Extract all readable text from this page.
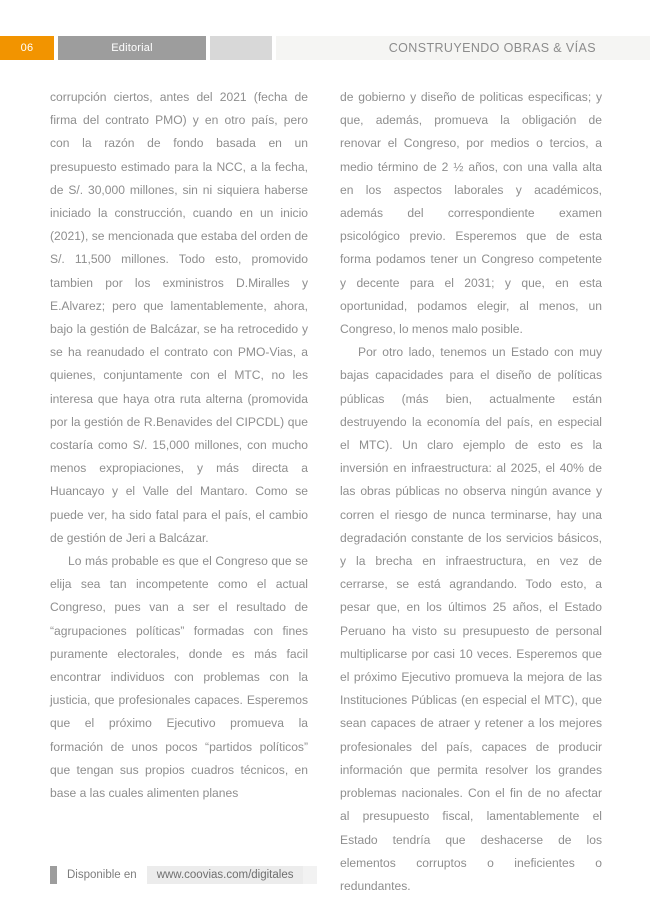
06	Editorial	CONSTRUYENDO OBRAS & VÍAS

corrupción ciertos, antes del 2021 (fecha de firma del contrato PMO) y en otro país, pero con la razón de fondo basada en un presupuesto estimado para la NCC, a la fecha, de S/. 30,000 millones, sin ni siquiera haberse iniciado la construcción, cuando en un inicio (2021), se mencionada que estaba del orden de S/. 11,500 millones. Todo esto, promovido tambien por los exministros D.Miralles y E.Alvarez; pero que lamentablemente, ahora, bajo la gestión de Balcázar, se ha retrocedido y se ha reanudado el contrato con PMO-Vias, a quienes, conjuntamente con el MTC, no les interesa que haya otra ruta alterna (promovida por la gestión de R.Benavides del CIPCDL) que costaría como S/. 15,000 millones, con mucho menos expropiaciones, y más directa a Huancayo y el Valle del Mantaro. Como se puede ver, ha sido fatal para el país, el cambio de gestión de Jeri a Balcázar.

Lo más probable es que el Congreso que se elija sea tan incompetente como el actual Congreso, pues van a ser el resultado de “agrupaciones políticas” formadas con fines puramente electorales, donde es más facil encontrar individuos con problemas con la justicia, que profesionales capaces. Esperemos que el próximo Ejecutivo promueva la formación de unos pocos “partidos políticos” que tengan sus propios cuadros técnicos, en base a las cuales alimenten planes

de gobierno y diseño de politicas especificas; y que, además, promueva la obligación de renovar el Congreso, por medios o tercios, a medio término de 2 ½ años, con una valla alta en los aspectos laborales y académicos, además del correspondiente examen psicológico previo. Esperemos que de esta forma podamos tener un Congreso competente y decente para el 2031; y que, en esta oportunidad, podamos elegir, al menos, un Congreso, lo menos malo posible.

Por otro lado, tenemos un Estado con muy bajas capacidades para el diseño de políticas públicas (más bien, actualmente están destruyendo la economía del país, en especial el MTC). Un claro ejemplo de esto es la inversión en infraestructura: al 2025, el 40% de las obras públicas no observa ningún avance y corren el riesgo de nunca terminarse, hay una degradación constante de los servicios básicos, y la brecha en infraestructura, en vez de cerrarse, se está agrandando. Todo esto, a pesar que, en los últimos 25 años, el Estado Peruano ha visto su presupuesto de personal multiplicarse por casi 10 veces. Esperemos que el próximo Ejecutivo promueva la mejora de las Instituciones Públicas (en especial el MTC), que sean capaces de atraer y retener a los mejores profesionales del país, capaces de producir información que permita resolver los grandes problemas nacionales. Con el fin de no afectar al presupuesto fiscal, lamentablemente el Estado tendría que deshacerse de los elementos corruptos o ineficientes o redundantes.

Disponible en	www.coovias.com/digitales
